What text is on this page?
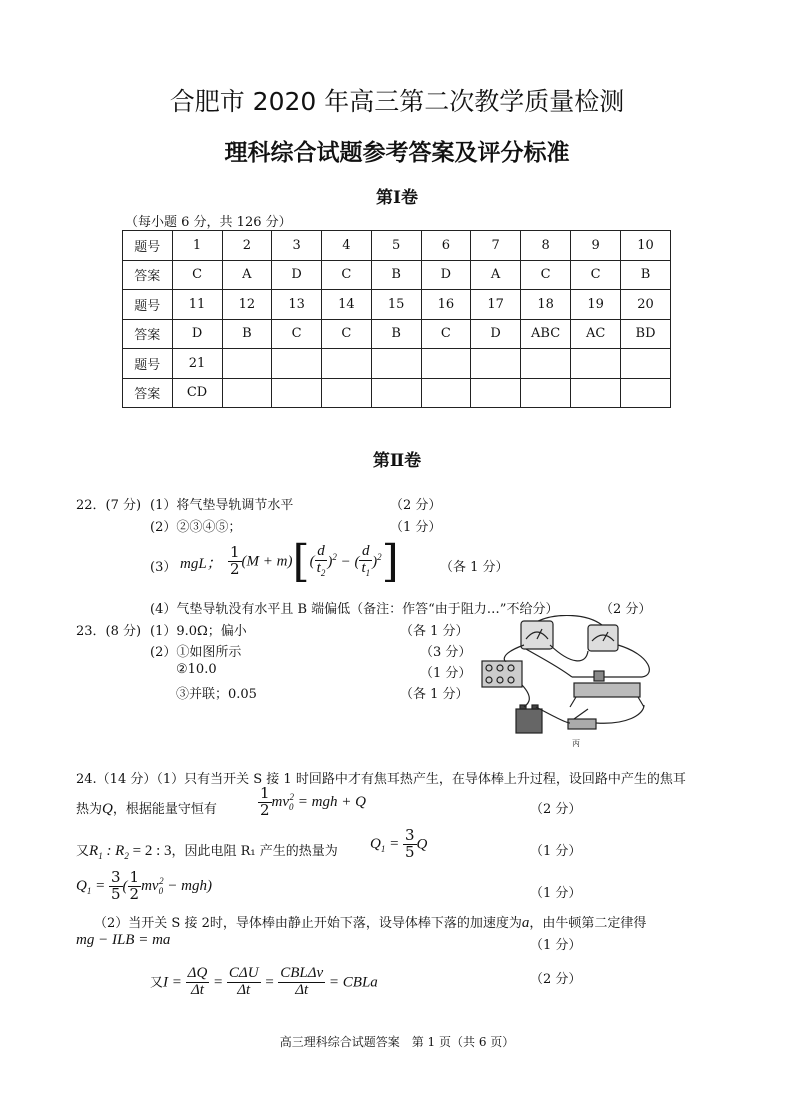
合肥市 2020 年高三第二次教学质量检测
理科综合试题参考答案及评分标准
第Ⅰ卷
（每小题 6 分，共 126 分）
题号	1	2	3	4	5	6	7	8	9	10
答案	C	A	D	C	B	D	A	C	C	B
题号	11	12	13	14	15	16	17	18	19	20
答案	D	B	C	C	B	C	D	ABC	AC	BD
题号	21									
答案	CD									
第Ⅱ卷
22．(7 分) (1）将气垫导轨调节水平	（2 分）
(2）②③④⑤；	（1 分）
(3） mgL； $\frac{1}{2} (M + m)[( \frac{d}{t_2} )^2$ − ( $\frac{d}{t_1} )^2$]	（各 1 分）
(4）气垫导轨没有水平且 B 端偏低（备注：作答“由于阻力…”不给分）	（2 分）
23．(8 分) (1）9.0Ω；偏小	（各 1 分）
(2）①如图所示	（3 分）
②10.0	（1 分）
③并联；0.05	（各 1 分）
丙
24.（14 分）（1）只有当开关 S 接 1 时回路中才有焦耳热产生，在导体棒上升过程，设回路中产生的焦耳
热为Q，根据能量守恒有	$\frac{1}{2} mv_0^2$ = mgh + Q	（2 分）
又$R_1$ : $R_2 = 2$ : 3，因此电阻 R₁ 产生的热量为 $Q_1 = \frac{3}{5}$ Q	（1 分）
$Q_1 = \frac{3}{5}$ ( $\frac{1}{2} mv_0^2 - mgh$)	（1 分）
（2）当开关 S 接 2时，导体棒由静止开始下落，设导体棒下落的加速度为a，由牛顿第二定律得
mg − ILB = ma	（1 分）
又$I = \frac{\Delta Q}{\Delta t} = \frac{\text{CΔU}}{\Delta t} = \frac{\text{CBLΔv}}{\Delta t}$ = CBLa	（2 分）
高三理科综合试题答案　第 1 页（共 6 页）
